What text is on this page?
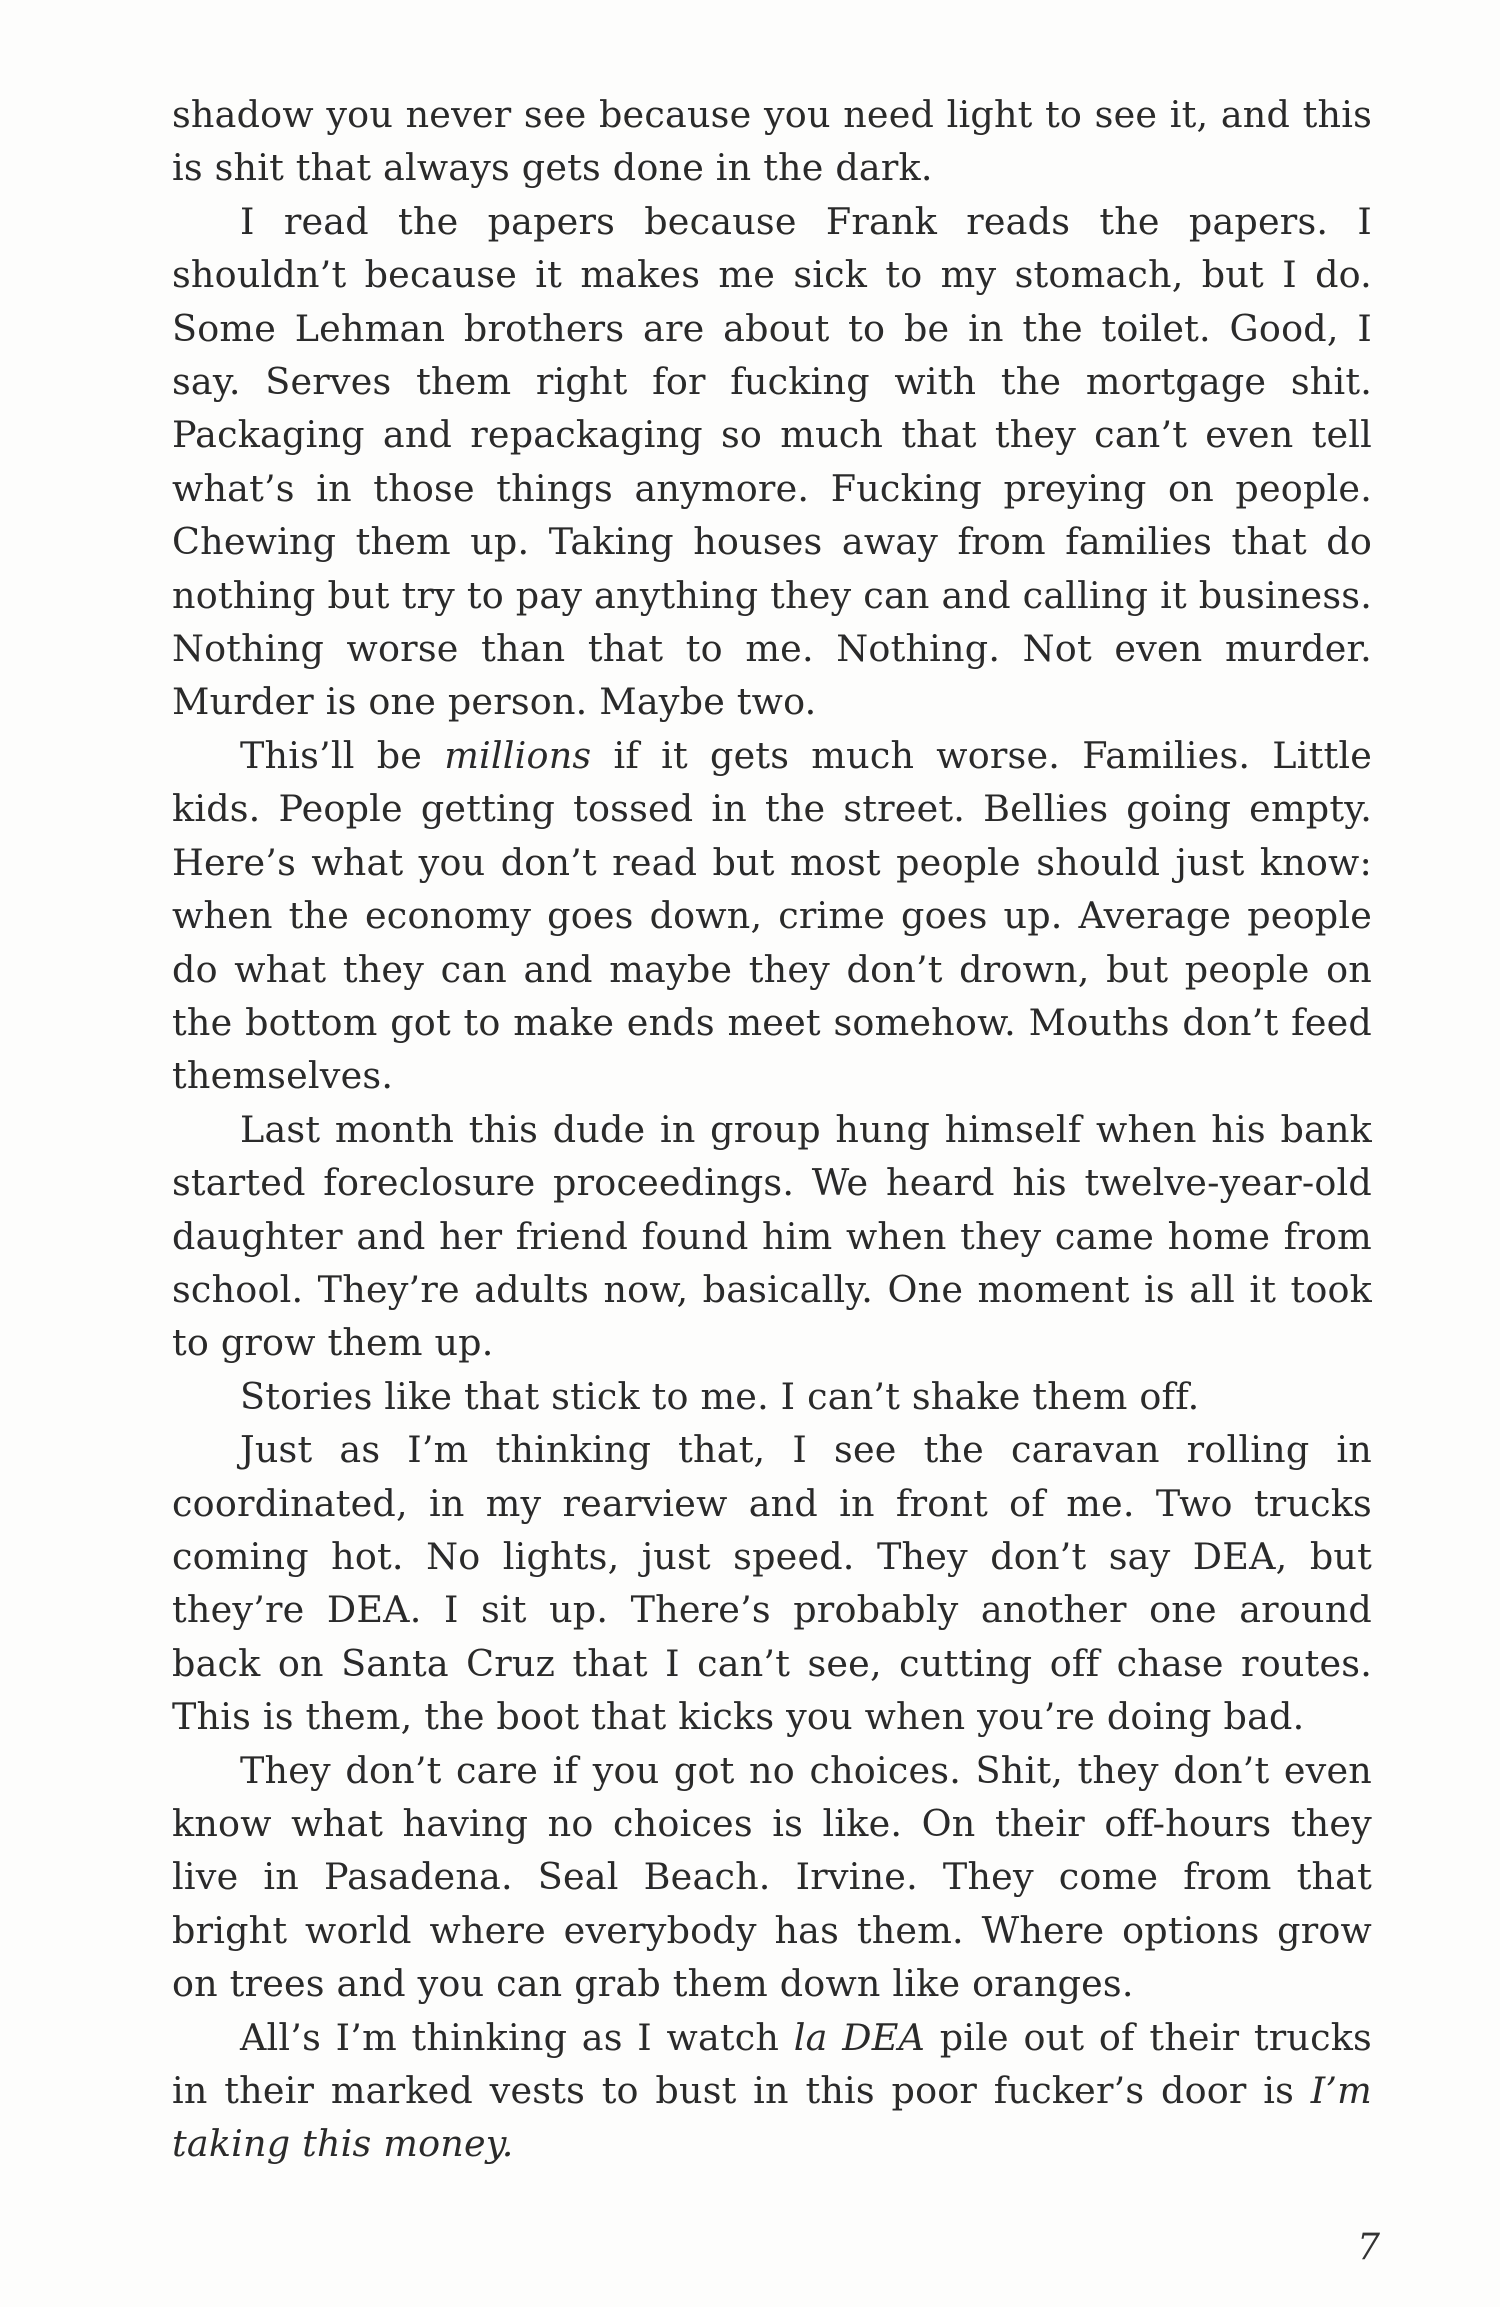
shadow you never see because you need light to see it, and this is shit that always gets done in the dark.

I read the papers because Frank reads the papers. I shouldn’t because it makes me sick to my stomach, but I do. Some Lehman brothers are about to be in the toilet. Good, I say. Serves them right for fucking with the mortgage shit. Packaging and repackaging so much that they can’t even tell what’s in those things anymore. Fucking preying on people. Chewing them up. Taking houses away from families that do nothing but try to pay anything they can and calling it business. Nothing worse than that to me. Nothing. Not even murder. Murder is one person. Maybe two.

This’ll be millions if it gets much worse. Families. Little kids. People getting tossed in the street. Bellies going empty. Here’s what you don’t read but most people should just know: when the economy goes down, crime goes up. Average people do what they can and maybe they don’t drown, but people on the bottom got to make ends meet somehow. Mouths don’t feed themselves.

Last month this dude in group hung himself when his bank started foreclosure proceedings. We heard his twelve-year-old daughter and her friend found him when they came home from school. They’re adults now, basically. One moment is all it took to grow them up.

Stories like that stick to me. I can’t shake them off.

Just as I’m thinking that, I see the caravan rolling in coordinated, in my rearview and in front of me. Two trucks coming hot. No lights, just speed. They don’t say DEA, but they’re DEA. I sit up. There’s probably another one around back on Santa Cruz that I can’t see, cutting off chase routes. This is them, the boot that kicks you when you’re doing bad.

They don’t care if you got no choices. Shit, they don’t even know what having no choices is like. On their off-hours they live in Pasadena. Seal Beach. Irvine. They come from that bright world where everybody has them. Where options grow on trees and you can grab them down like oranges.

All’s I’m thinking as I watch la DEA pile out of their trucks in their marked vests to bust in this poor fucker’s door is I’m taking this money.

7
